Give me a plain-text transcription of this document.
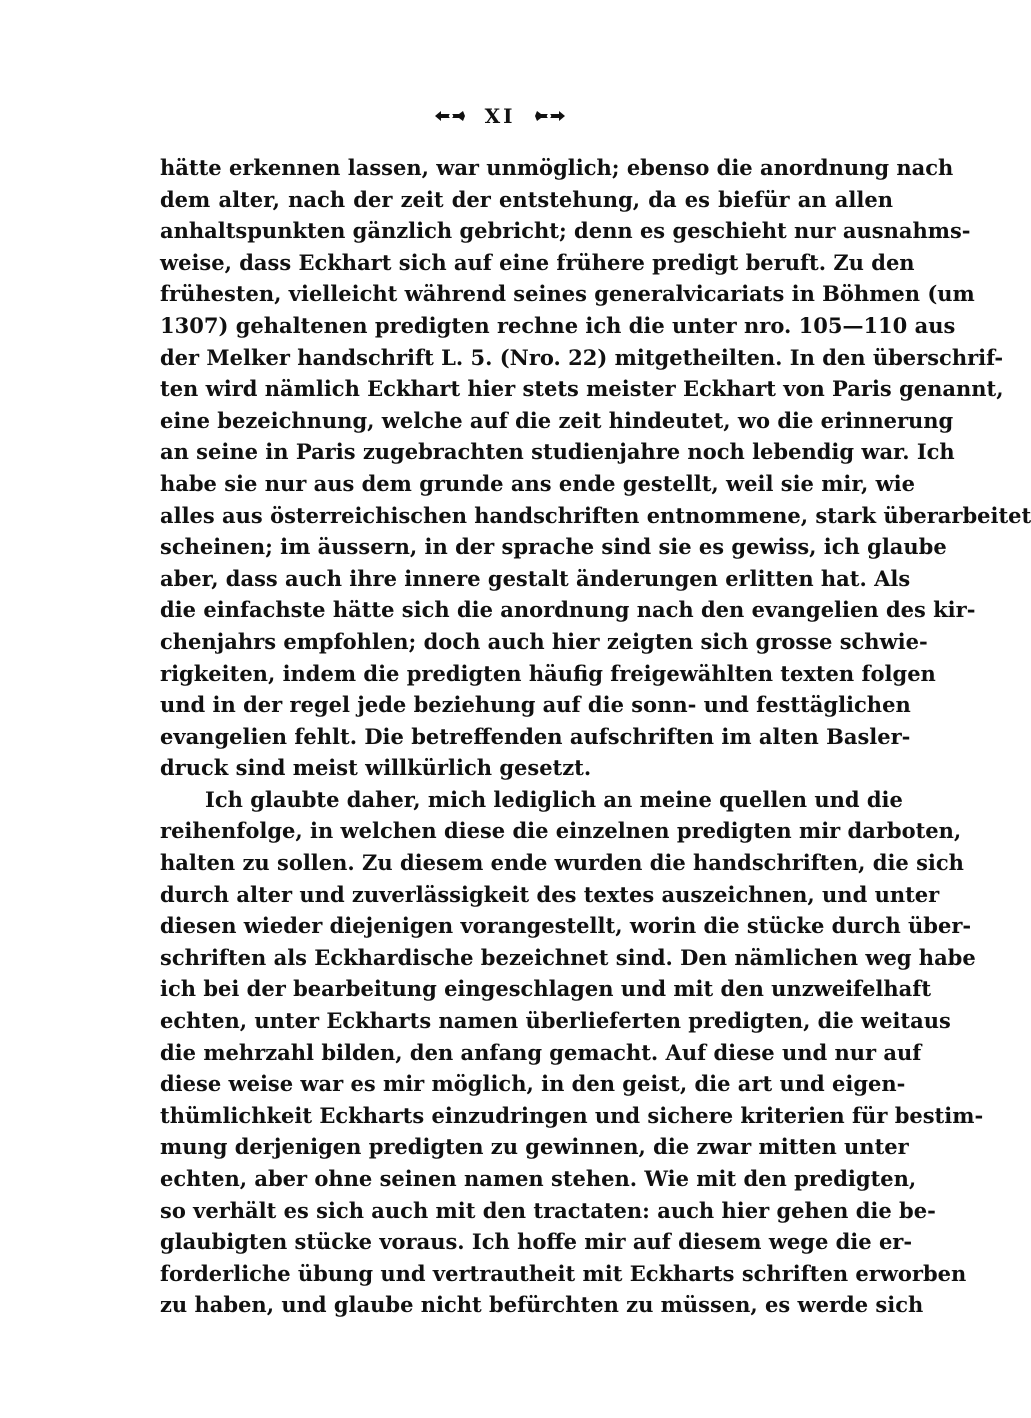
XI
hätte erkennen lassen, war unmöglich; ebenso die anordnung nach
dem alter, nach der zeit der entstehung, da es biefür an allen
anhaltspunkten gänzlich gebricht; denn es geschieht nur ausnahms-
weise, dass Eckhart sich auf eine frühere predigt beruft. Zu den
frühesten, vielleicht während seines generalvicariats in Böhmen (um
1307) gehaltenen predigten rechne ich die unter nro. 105—110 aus
der Melker handschrift L. 5. (Nro. 22) mitgetheilten. In den überschrif-
ten wird nämlich Eckhart hier stets meister Eckhart von Paris genannt,
eine bezeichnung, welche auf die zeit hindeutet, wo die erinnerung
an seine in Paris zugebrachten studienjahre noch lebendig war. Ich
habe sie nur aus dem grunde ans ende gestellt, weil sie mir, wie
alles aus österreichischen handschriften entnommene, stark überarbeitet
scheinen; im äussern, in der sprache sind sie es gewiss, ich glaube
aber, dass auch ihre innere gestalt änderungen erlitten hat. Als
die einfachste hätte sich die anordnung nach den evangelien des kir-
chenjahrs empfohlen; doch auch hier zeigten sich grosse schwie-
rigkeiten, indem die predigten häufig freigewählten texten folgen
und in der regel jede beziehung auf die sonn- und festtäglichen
evangelien fehlt. Die betreffenden aufschriften im alten Basler-
druck sind meist willkürlich gesetzt.
Ich glaubte daher, mich lediglich an meine quellen und die
reihenfolge, in welchen diese die einzelnen predigten mir darboten,
halten zu sollen. Zu diesem ende wurden die handschriften, die sich
durch alter und zuverlässigkeit des textes auszeichnen, und unter
diesen wieder diejenigen vorangestellt, worin die stücke durch über-
schriften als Eckhardische bezeichnet sind. Den nämlichen weg habe
ich bei der bearbeitung eingeschlagen und mit den unzweifelhaft
echten, unter Eckharts namen überlieferten predigten, die weitaus
die mehrzahl bilden, den anfang gemacht. Auf diese und nur auf
diese weise war es mir möglich, in den geist, die art und eigen-
thümlichkeit Eckharts einzudringen und sichere kriterien für bestim-
mung derjenigen predigten zu gewinnen, die zwar mitten unter
echten, aber ohne seinen namen stehen. Wie mit den predigten,
so verhält es sich auch mit den tractaten: auch hier gehen die be-
glaubigten stücke voraus. Ich hoffe mir auf diesem wege die er-
forderliche übung und vertrautheit mit Eckharts schriften erworben
zu haben, und glaube nicht befürchten zu müssen, es werde sich
